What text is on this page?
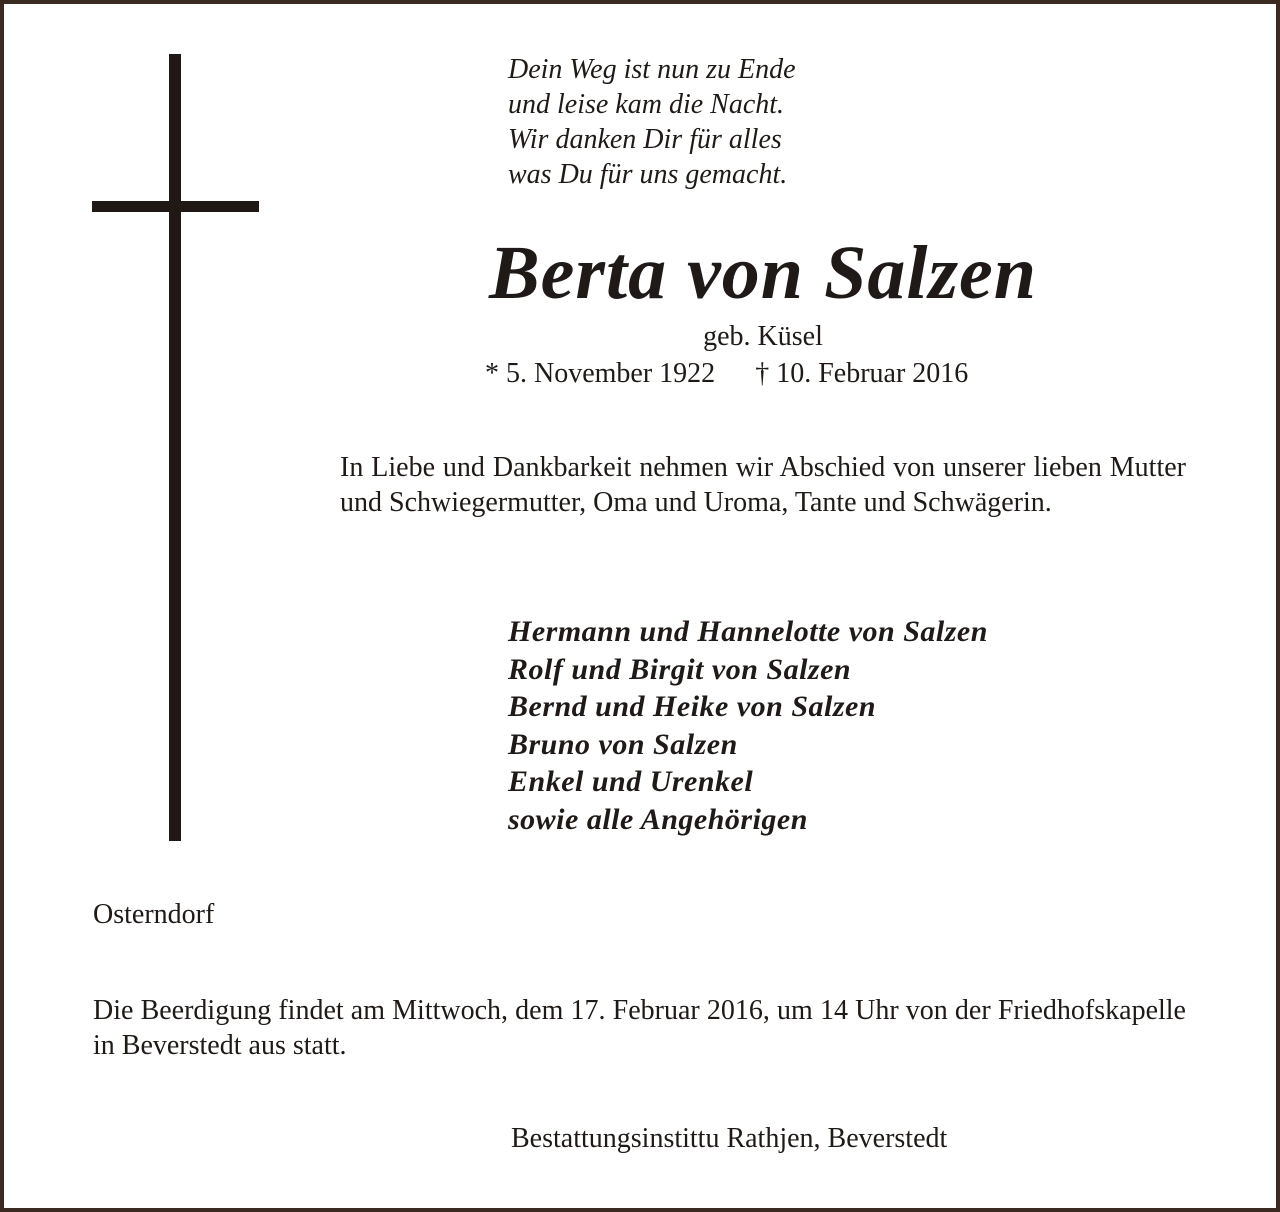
Dein Weg ist nun zu Ende
und leise kam die Nacht.
Wir danken Dir für alles
was Du für uns gemacht.
Berta von Salzen
geb. Küsel
* 5. November 1922 † 10. Februar 2016
In Liebe und Dankbarkeit nehmen wir Abschied von unserer lieben Mutter und Schwiegermutter, Oma und Uroma, Tante und Schwägerin.
Hermann und Hannelotte von Salzen
Rolf und Birgit von Salzen
Bernd und Heike von Salzen
Bruno von Salzen
Enkel und Urenkel
sowie alle Angehörigen
Osterndorf
Die Beerdigung findet am Mittwoch, dem 17. Februar 2016, um 14 Uhr von der Friedhofskapelle in Beverstedt aus statt.
Bestattungsinstittu Rathjen, Beverstedt
